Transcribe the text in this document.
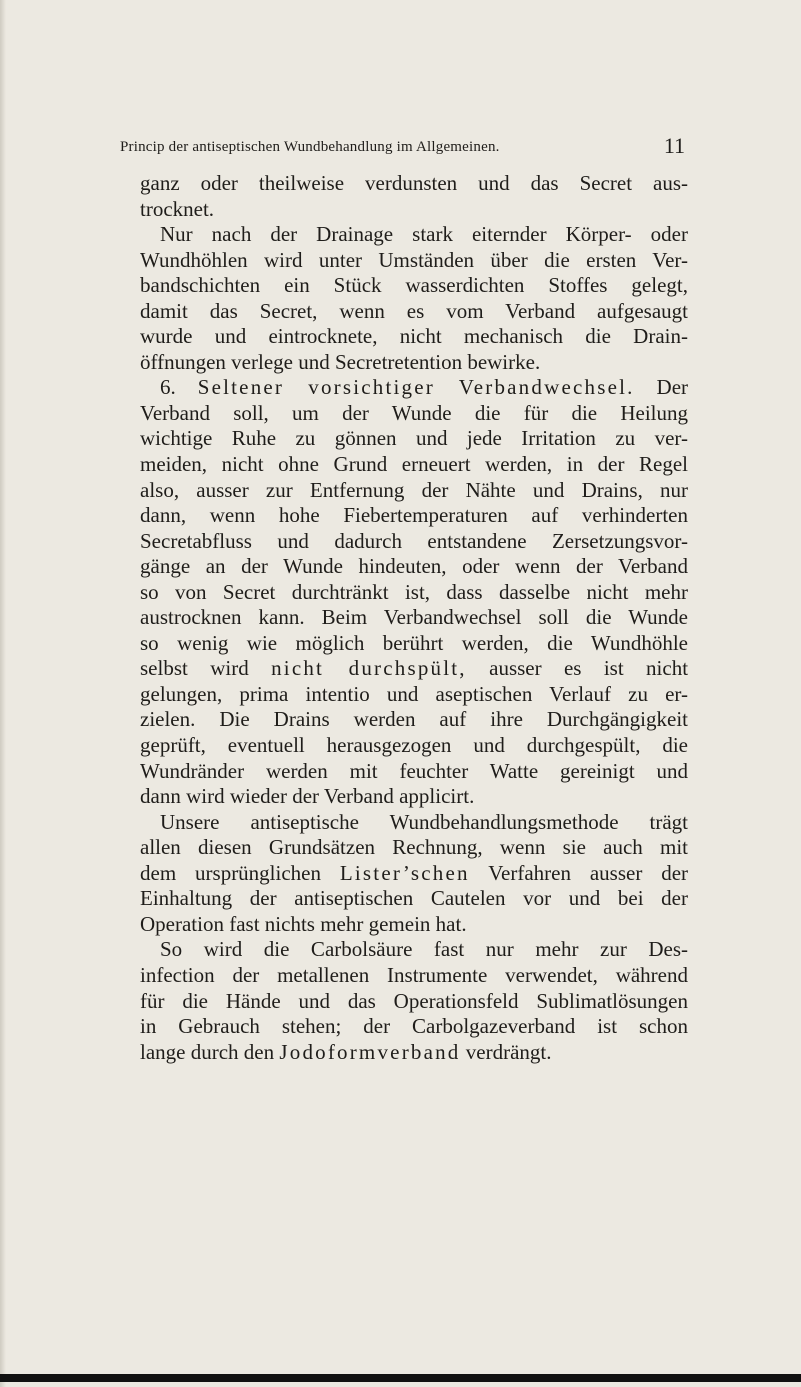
Princip der antiseptischen Wundbehandlung im Allgemeinen.	11
ganz oder theilweise verdunsten und das Secret aus-
trocknet.
Nur nach der Drainage stark eiternder Körper- oder
Wundhöhlen wird unter Umständen über die ersten Ver-
bandschichten ein Stück wasserdichten Stoffes gelegt,
damit das Secret, wenn es vom Verband aufgesaugt
wurde und eintrocknete, nicht mechanisch die Drain-
öffnungen verlege und Secretretention bewirke.
6. Seltener vorsichtiger Verbandwechsel. Der
Verband soll, um der Wunde die für die Heilung
wichtige Ruhe zu gönnen und jede Irritation zu ver-
meiden, nicht ohne Grund erneuert werden, in der Regel
also, ausser zur Entfernung der Nähte und Drains, nur
dann, wenn hohe Fiebertemperaturen auf verhinderten
Secretabfluss und dadurch entstandene Zersetzungsvor-
gänge an der Wunde hindeuten, oder wenn der Verband
so von Secret durchtränkt ist, dass dasselbe nicht mehr
austrocknen kann. Beim Verbandwechsel soll die Wunde
so wenig wie möglich berührt werden, die Wundhöhle
selbst wird nicht durchspült, ausser es ist nicht
gelungen, prima intentio und aseptischen Verlauf zu er-
zielen. Die Drains werden auf ihre Durchgängigkeit
geprüft, eventuell herausgezogen und durchgespült, die
Wundränder werden mit feuchter Watte gereinigt und
dann wird wieder der Verband applicirt.
Unsere antiseptische Wundbehandlungsmethode trägt
allen diesen Grundsätzen Rechnung, wenn sie auch mit
dem ursprünglichen Lister’schen Verfahren ausser der
Einhaltung der antiseptischen Cautelen vor und bei der
Operation fast nichts mehr gemein hat.
So wird die Carbolsäure fast nur mehr zur Des-
infection der metallenen Instrumente verwendet, während
für die Hände und das Operationsfeld Sublimatlösungen
in Gebrauch stehen; der Carbolgazeverband ist schon
lange durch den Jodoformverband verdrängt.
